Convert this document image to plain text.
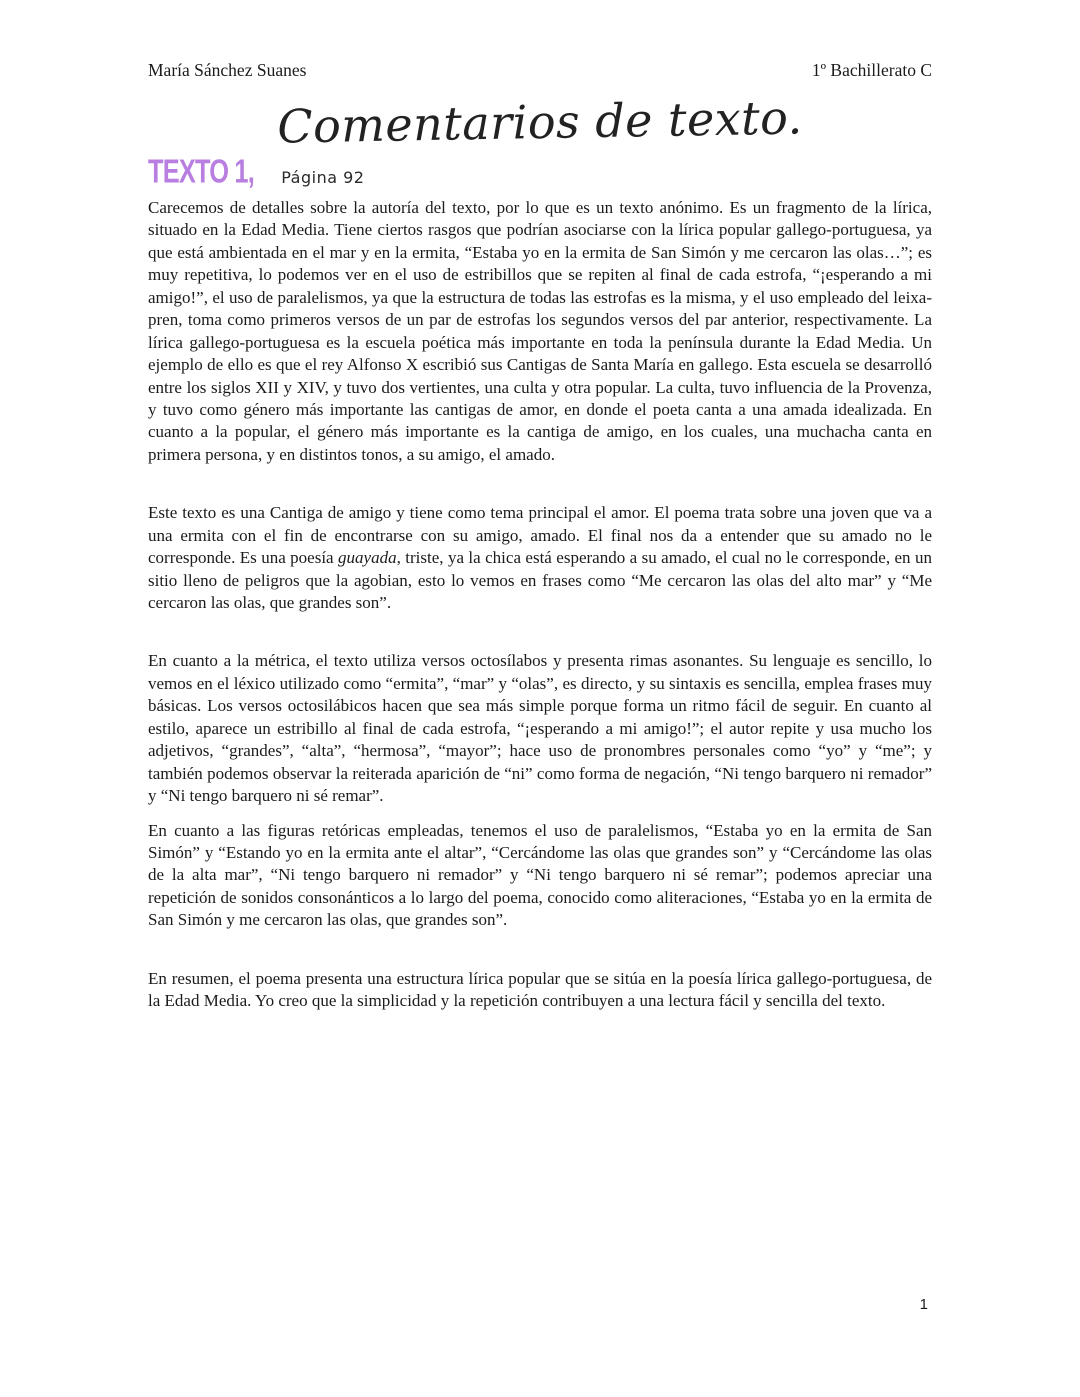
María Sánchez Suanes	1º Bachillerato C
Comentarios de texto.
TEXTO 1, Página 92

Carecemos de detalles sobre la autoría del texto, por lo que es un texto anónimo. Es un fragmento de la lírica, situado en la Edad Media. Tiene ciertos rasgos que podrían asociarse con la lírica popular gallego-portuguesa, ya que está ambientada en el mar y en la ermita, “Estaba yo en la ermita de San Simón y me cercaron las olas…”; es muy repetitiva, lo podemos ver en el uso de estribillos que se repiten al final de cada estrofa, “¡esperando a mi amigo!”, el uso de paralelismos, ya que la estructura de todas las estrofas es la misma, y el uso empleado del leixa-pren, toma como primeros versos de un par de estrofas los segundos versos del par anterior, respectivamente. La lírica gallego-portuguesa es la escuela poética más importante en toda la península durante la Edad Media. Un ejemplo de ello es que el rey Alfonso X escribió sus Cantigas de Santa María en gallego. Esta escuela se desarrolló entre los siglos XII y XIV, y tuvo dos vertientes, una culta y otra popular. La culta, tuvo influencia de la Provenza, y tuvo como género más importante las cantigas de amor, en donde el poeta canta a una amada idealizada. En cuanto a la popular, el género más importante es la cantiga de amigo, en los cuales, una muchacha canta en primera persona, y en distintos tonos, a su amigo, el amado.

Este texto es una Cantiga de amigo y tiene como tema principal el amor. El poema trata sobre una joven que va a una ermita con el fin de encontrarse con su amigo, amado. El final nos da a entender que su amado no le corresponde. Es una poesía guayada, triste, ya la chica está esperando a su amado, el cual no le corresponde, en un sitio lleno de peligros que la agobian, esto lo vemos en frases como “Me cercaron las olas del alto mar” y “Me cercaron las olas, que grandes son”.

En cuanto a la métrica, el texto utiliza versos octosílabos y presenta rimas asonantes. Su lenguaje es sencillo, lo vemos en el léxico utilizado como “ermita”, “mar” y “olas”, es directo, y su sintaxis es sencilla, emplea frases muy básicas. Los versos octosilábicos hacen que sea más simple porque forma un ritmo fácil de seguir. En cuanto al estilo, aparece un estribillo al final de cada estrofa, “¡esperando a mi amigo!”; el autor repite y usa mucho los adjetivos, “grandes”, “alta”, “hermosa”, “mayor”; hace uso de pronombres personales como “yo” y “me”; y también podemos observar la reiterada aparición de “ni” como forma de negación, “Ni tengo barquero ni remador” y “Ni tengo barquero ni sé remar”.

En cuanto a las figuras retóricas empleadas, tenemos el uso de paralelismos, “Estaba yo en la ermita de San Simón” y “Estando yo en la ermita ante el altar”, “Cercándome las olas que grandes son” y “Cercándome las olas de la alta mar”, “Ni tengo barquero ni remador” y “Ni tengo barquero ni sé remar”; podemos apreciar una repetición de sonidos consonánticos a lo largo del poema, conocido como aliteraciones, “Estaba yo en la ermita de San Simón y me cercaron las olas, que grandes son”.

En resumen, el poema presenta una estructura lírica popular que se sitúa en la poesía lírica gallego-portuguesa, de la Edad Media. Yo creo que la simplicidad y la repetición contribuyen a una lectura fácil y sencilla del texto.

1
